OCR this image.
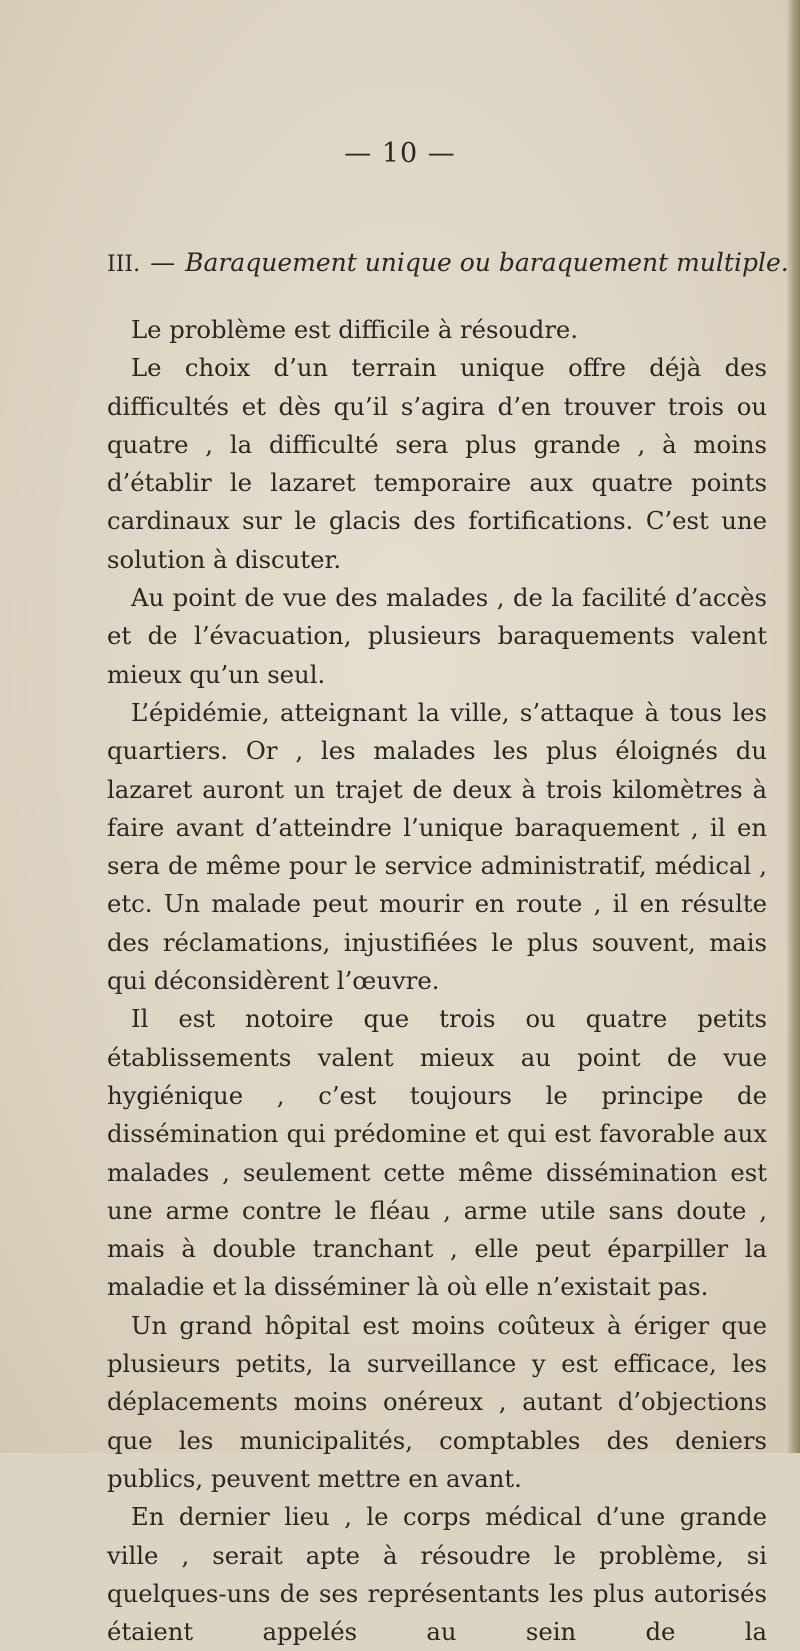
— 10 —
III. — Baraquement unique ou baraquement multiple.

Le problème est difficile à résoudre.

Le choix d’un terrain unique offre déjà des difficultés et dès qu’il s’agira d’en trouver trois ou quatre , la difficulté sera plus grande , à moins d’établir le lazaret temporaire aux quatre points cardinaux sur le glacis des fortifications. C’est une solution à discuter.

Au point de vue des malades , de la facilité d’accès et de l’évacuation, plusieurs baraquements valent mieux qu’un seul.

L’épidémie, atteignant la ville, s’attaque à tous les quartiers. Or , les malades les plus éloignés du lazaret auront un trajet de deux à trois kilomètres à faire avant d’atteindre l’unique baraquement , il en sera de même pour le service administratif, médical , etc. Un malade peut mourir en route , il en résulte des réclamations, injustifiées le plus souvent, mais qui déconsidèrent l’œuvre.

Il est notoire que trois ou quatre petits établissements valent mieux au point de vue hygiénique , c’est toujours le principe de dissémination qui prédomine et qui est favorable aux malades , seulement cette même dissémination est une arme contre le fléau , arme utile sans doute , mais à double tranchant , elle peut éparpiller la maladie et la disséminer là où elle n’existait pas.

Un grand hôpital est moins coûteux à ériger que plusieurs petits, la surveillance y est efficace, les déplacements moins onéreux , autant d’objections que les municipalités, comptables des deniers publics, peuvent mettre en avant.

En dernier lieu , le corps médical d’une grande ville , serait apte à résoudre le problème, si quelques-uns de ses représentants les plus autorisés étaient appelés au sein de la
